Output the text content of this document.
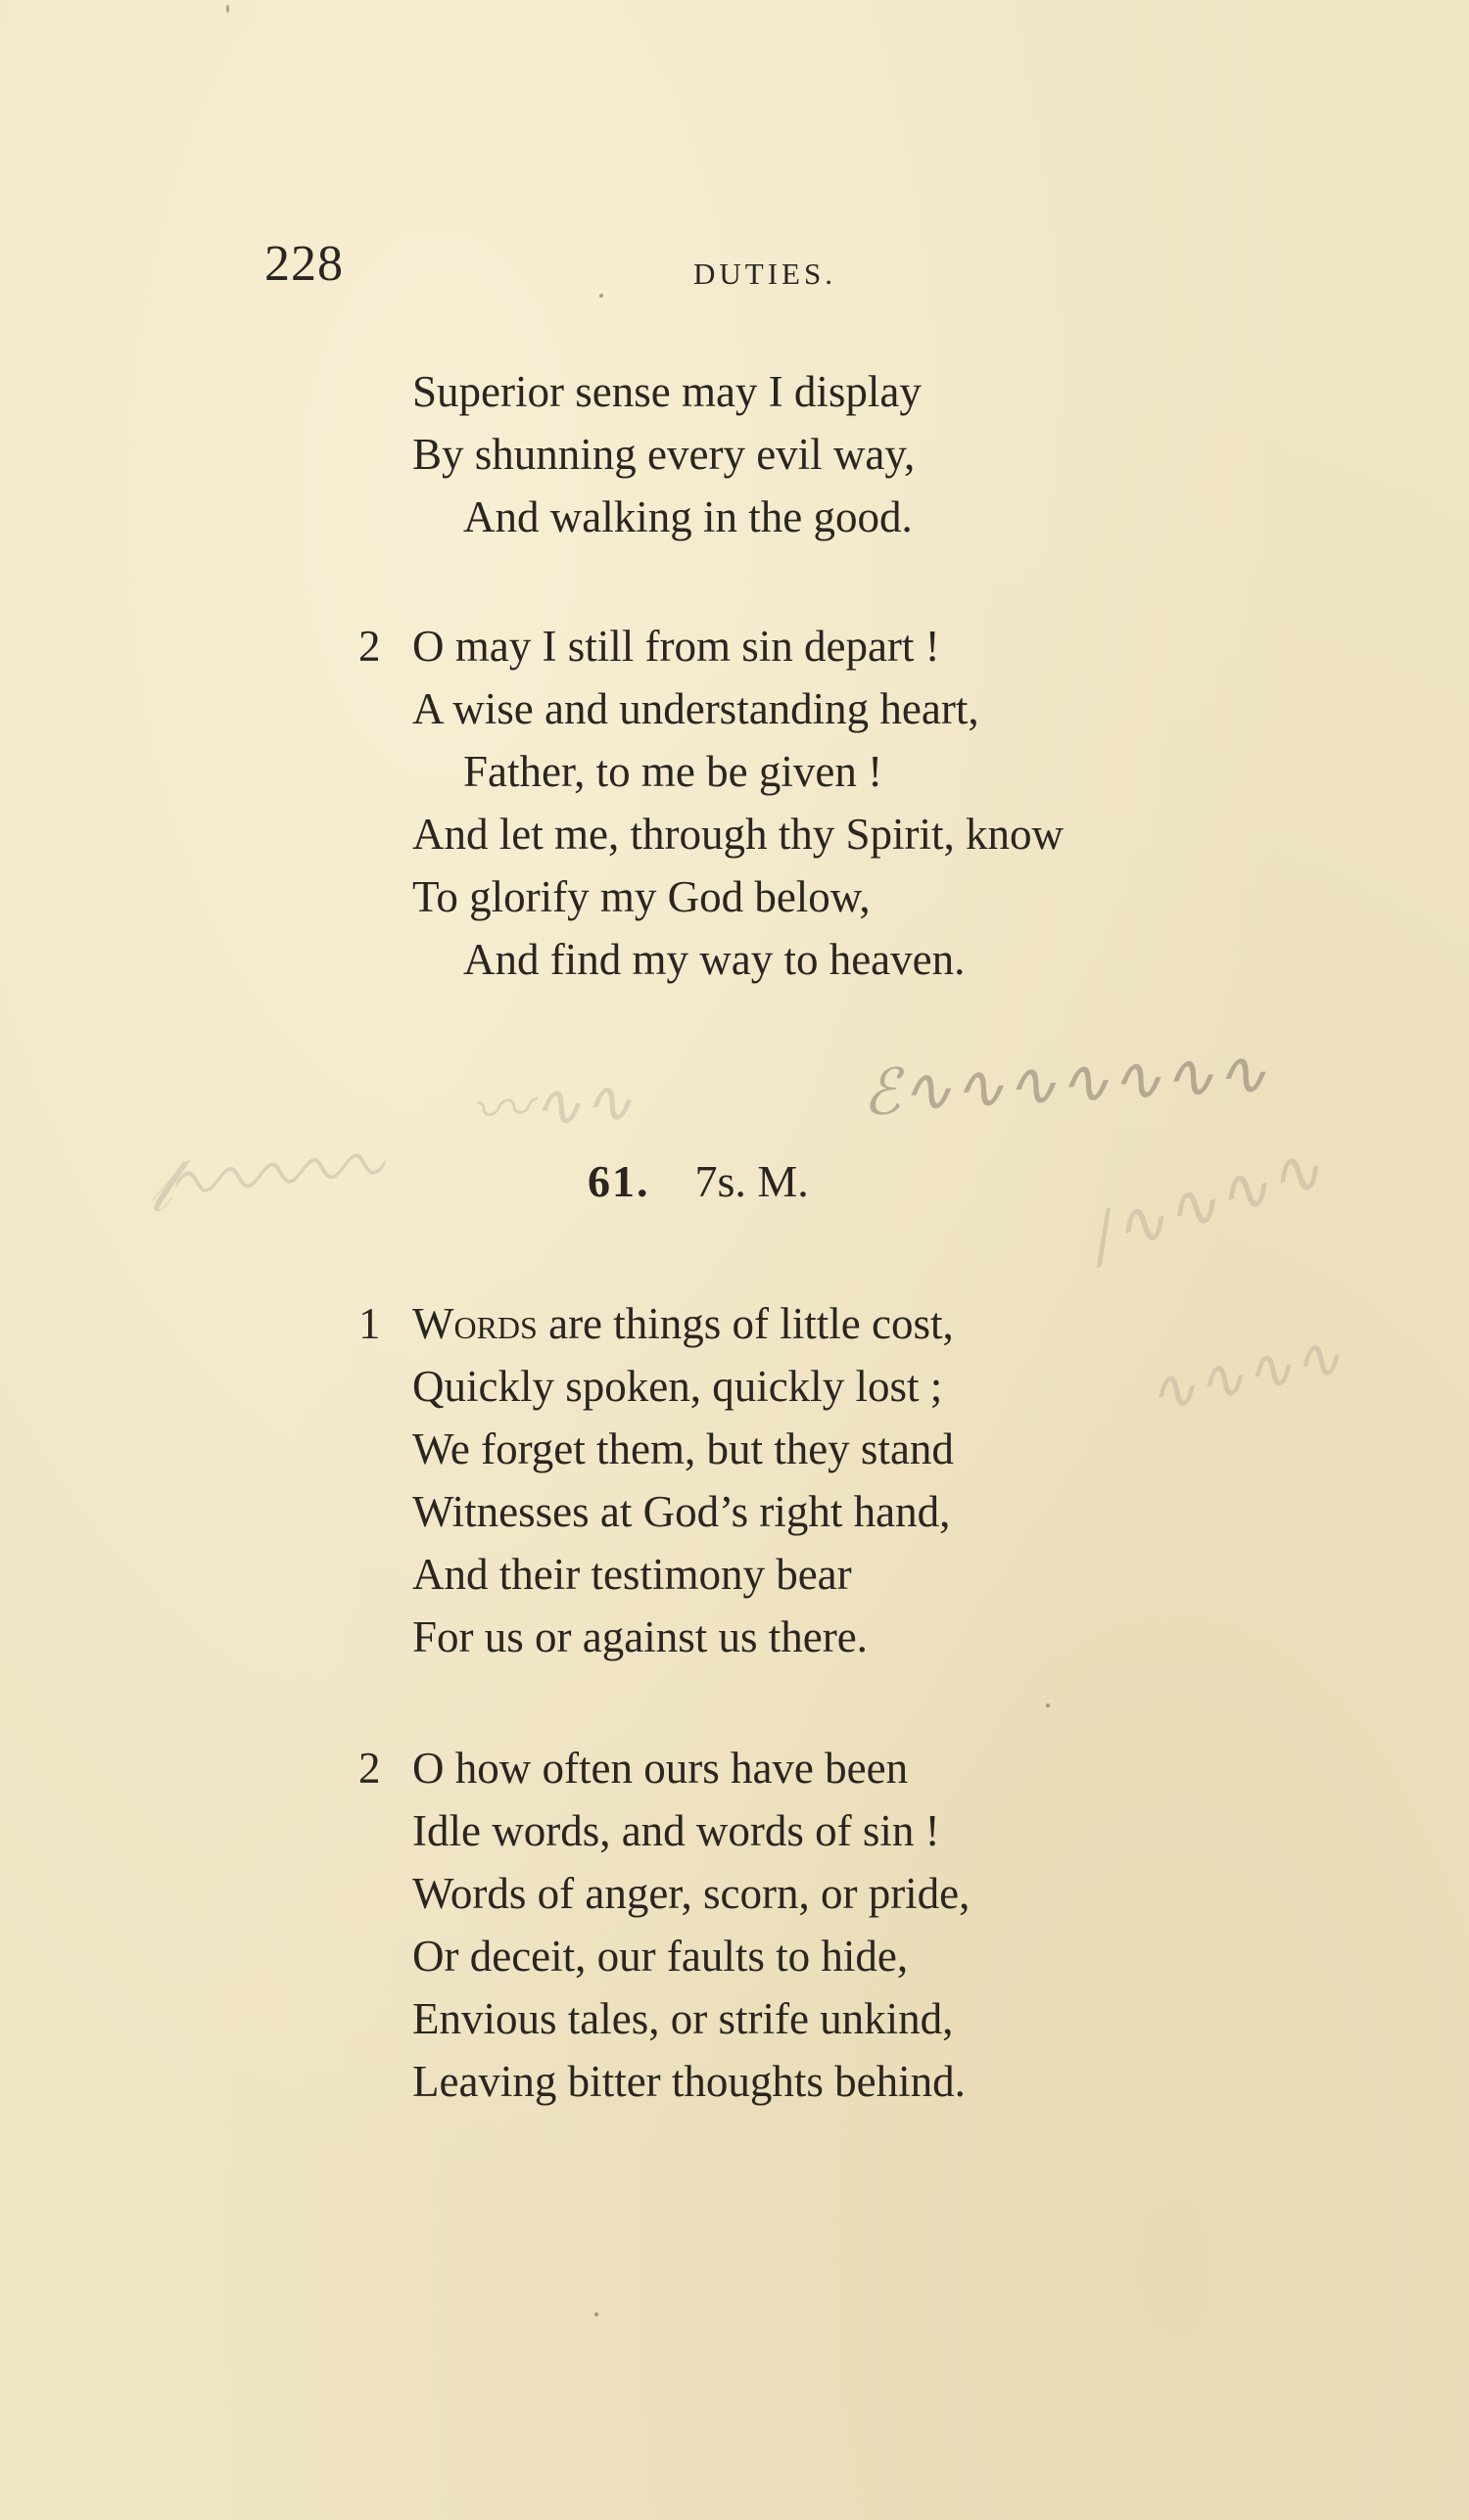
228	DUTIES.
Superior sense may I display
By shunning every evil way,
And walking in the good.
2 O may I still from sin depart !
A wise and understanding heart,
Father, to me be given !
And let me, through thy Spirit, know
To glorify my God below,
And find my way to heaven.
〰︎∿∿	ℰ∿∿∿∿∿∿∿
𝓁∿∿∿∿∿	∕∿∿∿∿
∿∿∿∿
61. 7s. M.
1 Words are things of little cost,
Quickly spoken, quickly lost ;
We forget them, but they stand
Witnesses at God’s right hand,
And their testimony bear
For us or against us there.
2 O how often ours have been
Idle words, and words of sin !
Words of anger, scorn, or pride,
Or deceit, our faults to hide,
Envious tales, or strife unkind,
Leaving bitter thoughts behind.
